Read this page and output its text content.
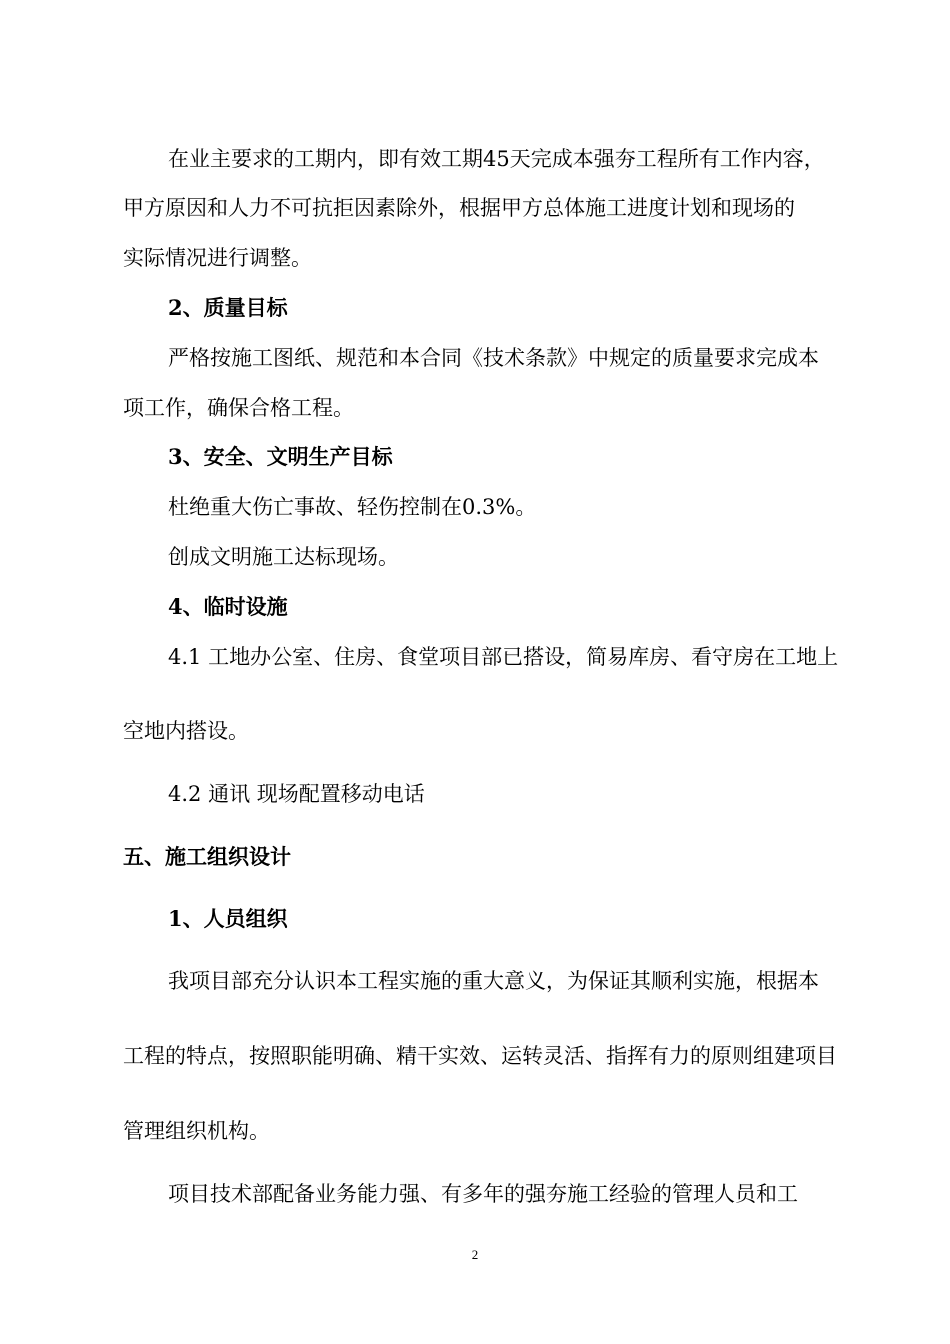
在业主要求的工期内，即有效工期45天完成本强夯工程所有工作内容，
甲方原因和人力不可抗拒因素除外，根据甲方总体施工进度计划和现场的
实际情况进行调整。
2、质量目标
严格按施工图纸、规范和本合同《技术条款》中规定的质量要求完成本
项工作，确保合格工程。
3、安全、文明生产目标
杜绝重大伤亡事故、轻伤控制在0.3%。
创成文明施工达标现场。
4、临时设施
4.1 工地办公室、住房、食堂项目部已搭设，简易库房、看守房在工地上
空地内搭设。
4.2 通讯 现场配置移动电话
五、施工组织设计
1、人员组织
我项目部充分认识本工程实施的重大意义，为保证其顺利实施，根据本
工程的特点，按照职能明确、精干实效、运转灵活、指挥有力的原则组建项目
管理组织机构。
项目技术部配备业务能力强、有多年的强夯施工经验的管理人员和工
2
